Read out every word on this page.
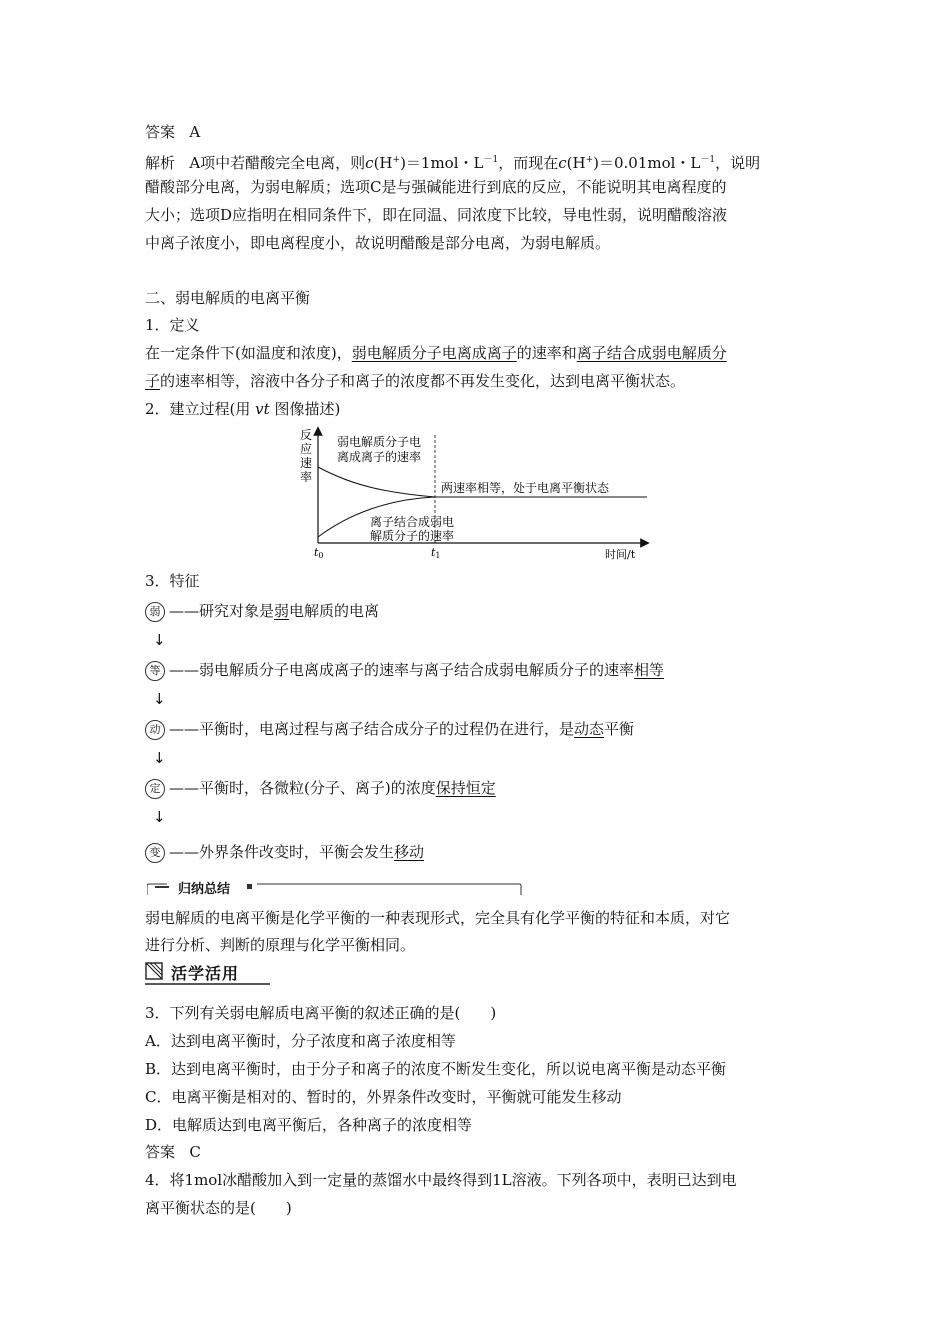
答案 A
解析 A项中若醋酸完全电离，则c(H+)＝1mol・$L^{-1}$，而现在c(H+)＝0.01mol・$L^{-1}$，说明
醋酸部分电离，为弱电解质；选项C是与强碱能进行到底的反应，不能说明其电离程度的
大小；选项D应指明在相同条件下，即在同温、同浓度下比较，导电性弱，说明醋酸溶液
中离子浓度小，即电离程度小，故说明醋酸是部分电离，为弱电解质。
二、弱电解质的电离平衡
1．定义
在一定条件下(如温度和浓度)，弱电解质分子电离成离子的速率和离子结合成弱电解质分
子的速率相等，溶液中各分子和离子的浓度都不再发生变化，达到电离平衡状态。
2．建立过程(用 vt 图像描述)
反
应
速
率
弱电解质分子电
离成离子的速率
离子结合成弱电
解质分子的速率
两速率相等，处于电离平衡状态
t0	t1	时间/t
3．特征
弱 ——研究对象是弱电解质的电离
↓
等 ——弱电解质分子电离成离子的速率与离子结合成弱电解质分子的速率相等
↓
动 ——平衡时，电离过程与离子结合成分子的过程仍在进行，是动态平衡
↓
定 ——平衡时，各微粒(分子、离子)的浓度保持恒定
↓
变 ——外界条件改变时，平衡会发生移动
归纳总结
弱电解质的电离平衡是化学平衡的一种表现形式，完全具有化学平衡的特征和本质，对它
进行分析、判断的原理与化学平衡相同。
活学活用
3．下列有关弱电解质电离平衡的叙述正确的是(　　)
A．达到电离平衡时，分子浓度和离子浓度相等
B．达到电离平衡时，由于分子和离子的浓度不断发生变化，所以说电离平衡是动态平衡
C．电离平衡是相对的、暂时的，外界条件改变时，平衡就可能发生移动
D．电解质达到电离平衡后，各种离子的浓度相等
答案 C
4．将1mol冰醋酸加入到一定量的蒸馏水中最终得到1L溶液。下列各项中，表明已达到电
离平衡状态的是(　　)
